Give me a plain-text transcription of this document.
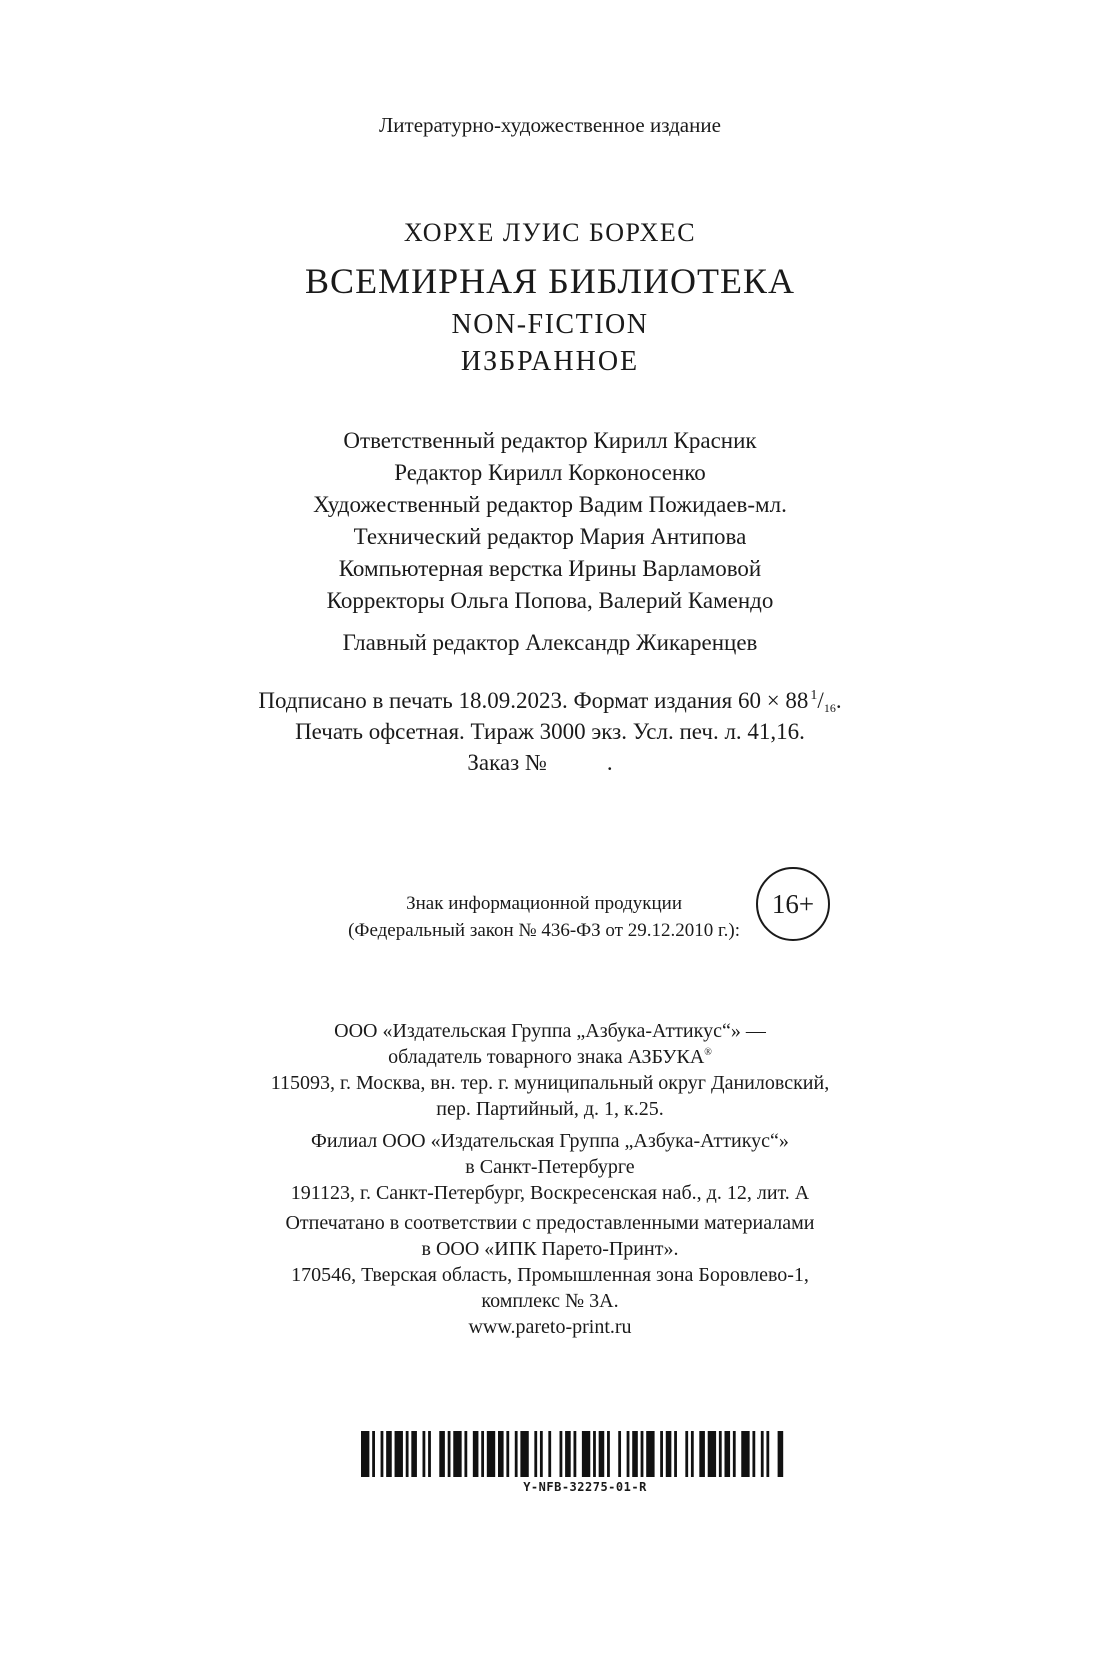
Литературно-художественное издание
ХОРХЕ ЛУИС БОРХЕС
ВСЕМИРНАЯ БИБЛИОТЕКА
NON-FICTION
ИЗБРАННОЕ
Ответственный редактор Кирилл Красник
Редактор Кирилл Корконосенко
Художественный редактор Вадим Пожидаев-мл.
Технический редактор Мария Антипова
Компьютерная верстка Ирины Варламовой
Корректоры Ольга Попова, Валерий Камендо
Главный редактор Александр Жикаренцев
Подписано в печать 18.09.2023. Формат издания 60 × 88 $^1$/16.
Печать офсетная. Тираж 3000 экз. Усл. печ. л. 41,16.
Заказ №	.
Знак информационной продукции
(Федеральный закон № 436-ФЗ от 29.12.2010 г.):
16+
ООО «Издательская Группа „Азбука-Аттикус“» —
обладатель товарного знака АЗБУКА®
115093, г. Москва, вн. тер. г. муниципальный округ Даниловский,
пер. Партийный, д. 1, к.25.
Филиал ООО «Издательская Группа „Азбука-Аттикус“»
в Санкт-Петербурге
191123, г. Санкт-Петербург, Воскресенская наб., д. 12, лит. А
Отпечатано в соответствии с предоставленными материалами
в ООО «ИПК Парето-Принт».
170546, Тверская область, Промышленная зона Боровлево-1,
комплекс № 3А.
www.pareto-print.ru
Y-NFB-32275-01-R
